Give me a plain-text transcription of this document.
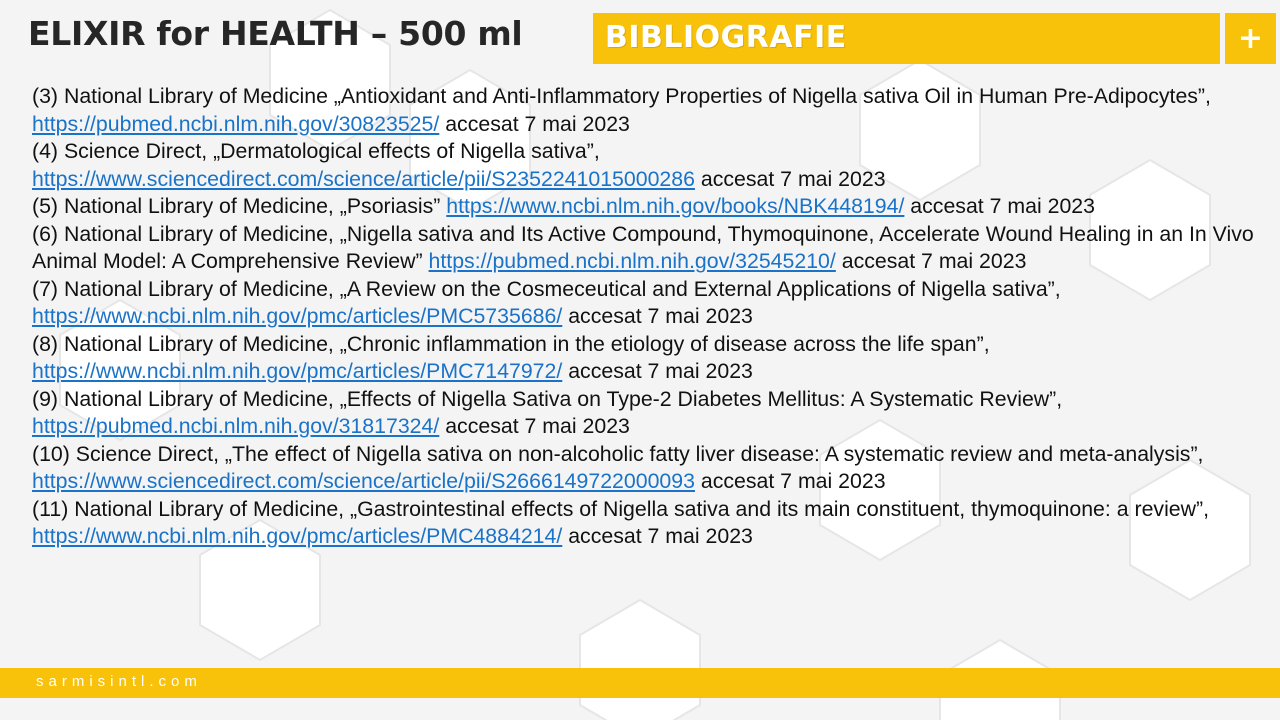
ELIXIR for HEALTH – 500 ml	BIBLIOGRAFIE	+

(3) National Library of Medicine „Antioxidant and Anti-Inflammatory Properties of Nigella sativa Oil in Human Pre-Adipocytes”, https://pubmed.ncbi.nlm.nih.gov/30823525/ accesat 7 mai 2023

(4) Science Direct, „Dermatological effects of Nigella sativa”, https://www.sciencedirect.com/science/article/pii/S2352241015000286 accesat 7 mai 2023

(5) National Library of Medicine, „Psoriasis” https://www.ncbi.nlm.nih.gov/books/NBK448194/ accesat 7 mai 2023

(6) National Library of Medicine, „Nigella sativa and Its Active Compound, Thymoquinone, Accelerate Wound Healing in an In Vivo Animal Model: A Comprehensive Review” https://pubmed.ncbi.nlm.nih.gov/32545210/ accesat 7 mai 2023

(7) National Library of Medicine, „A Review on the Cosmeceutical and External Applications of Nigella sativa”, https://www.ncbi.nlm.nih.gov/pmc/articles/PMC5735686/ accesat 7 mai 2023

(8) National Library of Medicine, „Chronic inflammation in the etiology of disease across the life span”, https://www.ncbi.nlm.nih.gov/pmc/articles/PMC7147972/ accesat 7 mai 2023

(9) National Library of Medicine, „Effects of Nigella Sativa on Type-2 Diabetes Mellitus: A Systematic Review”, https://pubmed.ncbi.nlm.nih.gov/31817324/ accesat 7 mai 2023

(10) Science Direct, „The effect of Nigella sativa on non-alcoholic fatty liver disease: A systematic review and meta-analysis”, https://www.sciencedirect.com/science/article/pii/S2666149722000093 accesat 7 mai 2023

(11) National Library of Medicine, „Gastrointestinal effects of Nigella sativa and its main constituent, thymoquinone: a review”, https://www.ncbi.nlm.nih.gov/pmc/articles/PMC4884214/ accesat 7 mai 2023

sarmisintl.com
